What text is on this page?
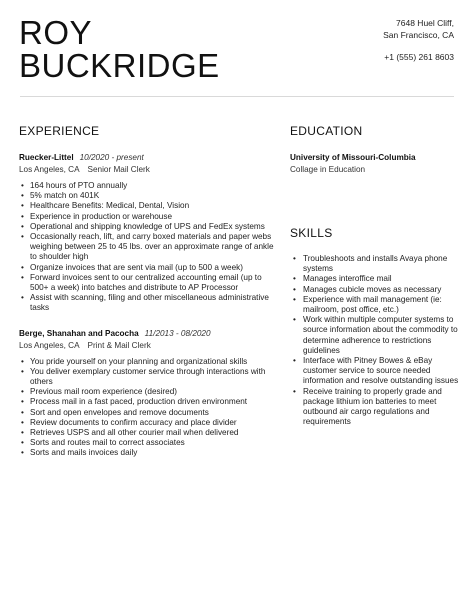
ROY
BUCKRIDGE
7648 Huel Cliff,
San Francisco, CA
+1 (555) 261 8603
EXPERIENCE
Ruecker-Littel 10/2020 - present
Los Angeles, CA Senior Mail Clerk
• 164 hours of PTO annually
• 5% match on 401K
• Healthcare Benefits: Medical, Dental, Vision
• Experience in production or warehouse
• Operational and shipping knowledge of UPS and FedEx systems
• Occasionally reach, lift, and carry boxed materials and paper webs weighing between 25 to 45 lbs. over an approximate range of ankle to shoulder high
• Organize invoices that are sent via mail (up to 500 a week)
• Forward invoices sent to our centralized accounting email (up to 500+ a week) into batches and distribute to AP Processor
• Assist with scanning, filing and other miscellaneous administrative tasks
Berge, Shanahan and Pacocha 11/2013 - 08/2020
Los Angeles, CA Print & Mail Clerk
• You pride yourself on your planning and organizational skills
• You deliver exemplary customer service through interactions with others
• Previous mail room experience (desired)
• Process mail in a fast paced, production driven environment
• Sort and open envelopes and remove documents
• Review documents to confirm accuracy and place divider
• Retrieves USPS and all other courier mail when delivered
• Sorts and routes mail to correct associates
• Sorts and mails invoices daily
EDUCATION
University of Missouri-Columbia
Collage in Education
SKILLS
• Troubleshoots and installs Avaya phone systems
• Manages interoffice mail
• Manages cubicle moves as necessary
• Experience with mail management (ie: mailroom, post office, etc.)
• Work within multiple computer systems to source information about the commodity to determine adherence to restrictions guidelines
• Interface with Pitney Bowes & eBay customer service to source needed information and resolve outstanding issues
• Receive training to properly grade and package lithium ion batteries to meet outbound air cargo regulations and requirements
